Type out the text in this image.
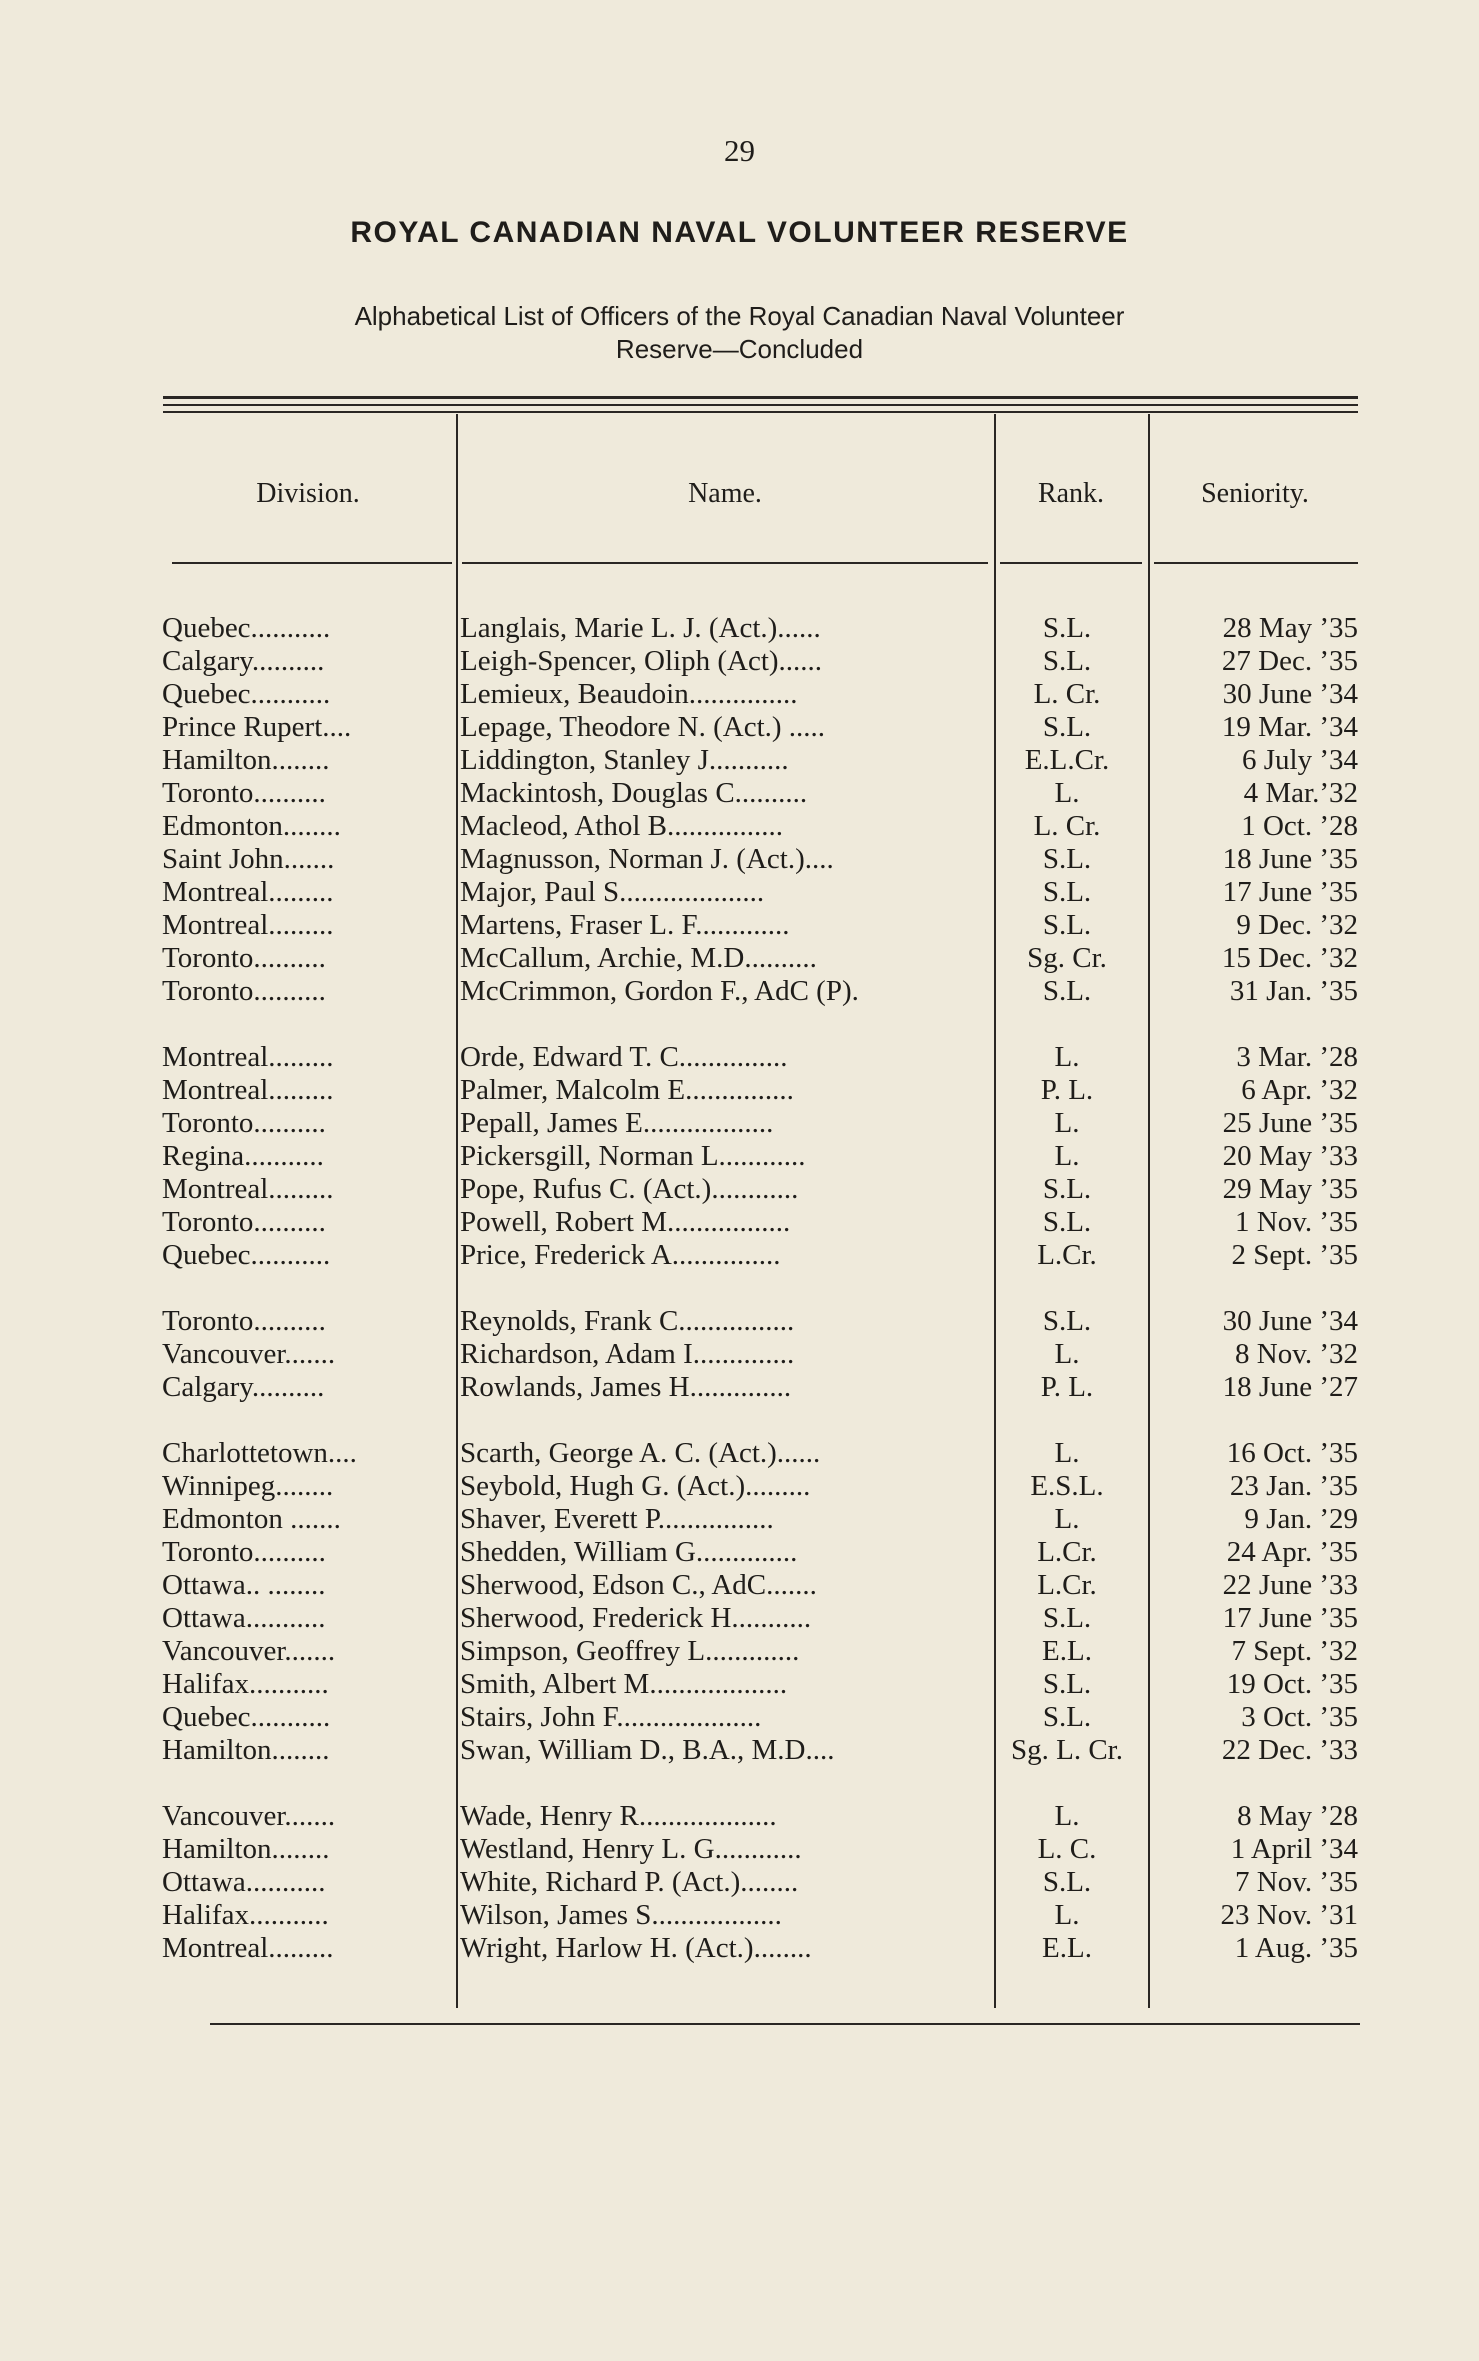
29
ROYAL CANADIAN NAVAL VOLUNTEER RESERVE
Alphabetical List of Officers of the Royal Canadian Naval Volunteer
Reserve—Concluded
Division.	Name.	Rank.	Seniority.
Quebec...........	Langlais, Marie L. J. (Act.)......	S.L.	28 May ’35
Calgary..........	Leigh-Spencer, Oliph (Act)......	S.L.	27 Dec. ’35
Quebec...........	Lemieux, Beaudoin...............	L. Cr.	30 June ’34
Prince Rupert....	Lepage, Theodore N. (Act.) .....	S.L.	19 Mar. ’34
Hamilton........	Liddington, Stanley J...........	E.L.Cr.	6 July ’34
Toronto..........	Mackintosh, Douglas C..........	L.	4 Mar.’32
Edmonton........	Macleod, Athol B................	L. Cr.	1 Oct. ’28
Saint John.......	Magnusson, Norman J. (Act.)....	S.L.	18 June ’35
Montreal.........	Major, Paul S....................	S.L.	17 June ’35
Montreal.........	Martens, Fraser L. F.............	S.L.	9 Dec. ’32
Toronto..........	McCallum, Archie, M.D..........	Sg. Cr.	15 Dec. ’32
Toronto..........	McCrimmon, Gordon F., AdC (P).	S.L.	31 Jan. ’35
Montreal.........	Orde, Edward T. C...............	L.	3 Mar. ’28
Montreal.........	Palmer, Malcolm E...............	P. L.	6 Apr. ’32
Toronto..........	Pepall, James E..................	L.	25 June ’35
Regina...........	Pickersgill, Norman L............	L.	20 May ’33
Montreal.........	Pope, Rufus C. (Act.)............	S.L.	29 May ’35
Toronto..........	Powell, Robert M.................	S.L.	1 Nov. ’35
Quebec...........	Price, Frederick A...............	L.Cr.	2 Sept. ’35
Toronto..........	Reynolds, Frank C................	S.L.	30 June ’34
Vancouver.......	Richardson, Adam I..............	L.	8 Nov. ’32
Calgary..........	Rowlands, James H..............	P. L.	18 June ’27
Charlottetown....	Scarth, George A. C. (Act.)......	L.	16 Oct. ’35
Winnipeg........	Seybold, Hugh G. (Act.).........	E.S.L.	23 Jan. ’35
Edmonton .......	Shaver, Everett P................	L.	9 Jan. ’29
Toronto..........	Shedden, William G..............	L.Cr.	24 Apr. ’35
Ottawa.. ........	Sherwood, Edson C., AdC.......	L.Cr.	22 June ’33
Ottawa...........	Sherwood, Frederick H...........	S.L.	17 June ’35
Vancouver.......	Simpson, Geoffrey L.............	E.L.	7 Sept. ’32
Halifax...........	Smith, Albert M...................	S.L.	19 Oct. ’35
Quebec...........	Stairs, John F....................	S.L.	3 Oct. ’35
Hamilton........	Swan, William D., B.A., M.D....	Sg. L. Cr.	22 Dec. ’33
Vancouver.......	Wade, Henry R...................	L.	8 May ’28
Hamilton........	Westland, Henry L. G............	L. C.	1 April ’34
Ottawa...........	White, Richard P. (Act.)........	S.L.	7 Nov. ’35
Halifax...........	Wilson, James S..................	L.	23 Nov. ’31
Montreal.........	Wright, Harlow H. (Act.)........	E.L.	1 Aug. ’35
